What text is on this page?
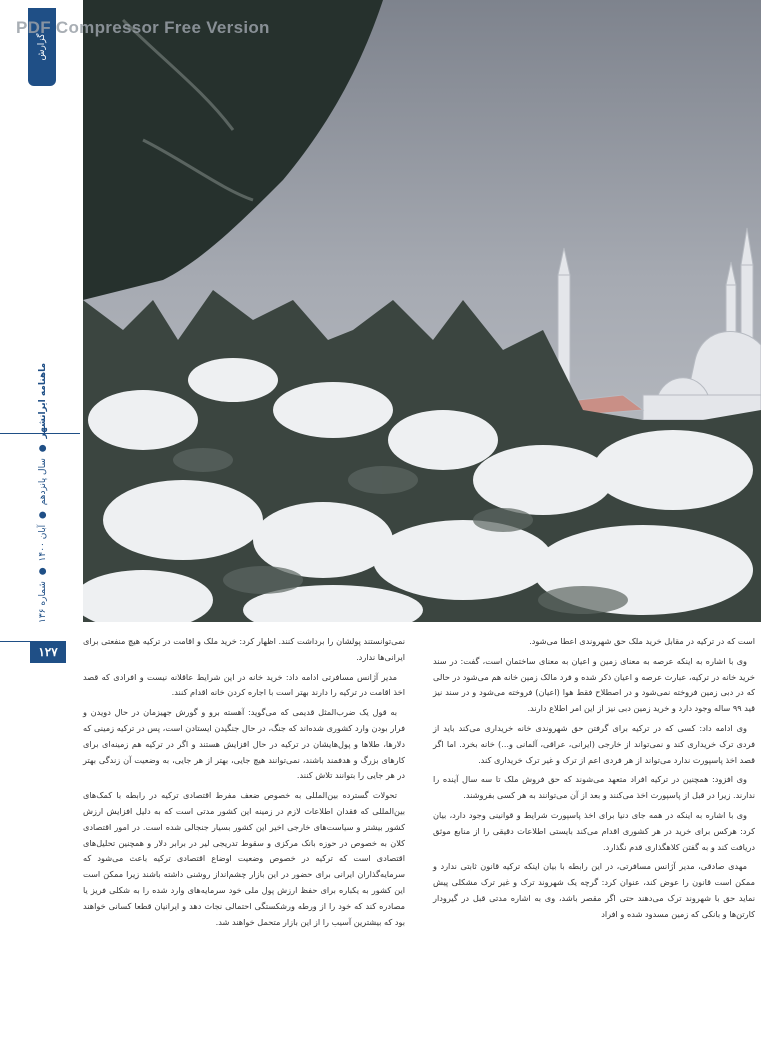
PDF Compressor Free Version
گزارش
ماهنامه ایرانشهر ● سال پانزدهم ● آبان ۱۴۰۰ ● شماره ۱۳۶
۱۲۷

است که در ترکیه در مقابل خرید ملک حق شهروندی اعطا می‌شود.

وی با اشاره به اینکه عرصه به معنای زمین و اعیان به معنای ساختمان است، گفت: در سند خرید خانه در ترکیه، عبارت عرصه و اعیان ذکر شده و فرد مالک زمین خانه هم می‌شود در حالی که در دبی زمین فروخته نمی‌شود و در اصطلاح فقط هوا (اعیان) فروخته می‌شود و در سند نیز قید ۹۹ ساله وجود دارد و خرید زمین دبی نیز از این امر اطلاع دارند.

وی ادامه داد: کسی که در ترکیه برای گرفتن حق شهروندی خانه خریداری می‌کند باید از فردی ترک خریداری کند و نمی‌تواند از خارجی (ایرانی، عراقی، آلمانی و...) خانه بخرد. اما اگر قصد اخذ پاسپورت ندارد می‌تواند از هر فردی اعم از ترک و غیر ترک خریداری کند.

وی افزود: همچنین در ترکیه افراد متعهد می‌شوند که حق فروش ملک تا سه سال آینده را ندارند. زیرا در قبل از پاسپورت اخذ می‌کنند و بعد از آن می‌توانند به هر کسی بفروشند.

وی با اشاره به اینکه در همه جای دنیا برای اخذ پاسپورت شرایط و قوانینی وجود دارد، بیان کرد: هرکس برای خرید در هر کشوری اقدام می‌کند بایستی اطلاعات دقیقی را از منابع موثق دریافت کند و به گفتن کلاهگذاری قدم نگذارد.

مهدی صادقی، مدیر آژانس مسافرتی، در این رابطه با بیان اینکه ترکیه قانون ثابتی ندارد و ممکن است قانون را عوض کند، عنوان کرد: گرچه یک شهروند ترک و غیر ترک مشکلی پیش نماید حق با شهروند ترک می‌دهند حتی اگر مقصر باشد، وی به اشاره مدتی قبل در گیرودار کارتن‌ها و بانکی که زمین مسدود شده و افراد

نمی‌توانستند پولشان را برداشت کنند. اظهار کرد: خرید ملک و اقامت در ترکیه هیچ منفعتی برای ایرانی‌ها ندارد.

مدیر آژانس مسافرتی ادامه داد: خرید خانه در این شرایط عاقلانه نیست و افرادی که قصد اخذ اقامت در ترکیه را دارند بهتر است با اجاره کردن خانه اقدام کنند.

به قول یک ضرب‌المثل قدیمی که می‌گوید: آهسته برو و گورش جهیزمان در حال دویدن و فرار بودن وارد کشوری شده‌اند که جنگ، در حال جنگیدن ایستادن است، پس در ترکیه زمینی که دلارها، طلاها و پول‌هایشان در ترکیه در حال افزایش هستند و اگر در ترکیه هم زمینه‌ای برای کارهای بزرگ و هدفمند باشند، نمی‌توانند هیچ جایی، بهتر از هر جایی، به وضعیت آن زندگی بهتر در هر جایی را بتوانند تلاش کنند.

تحولات گسترده بین‌المللی به خصوص ضعف مفرط اقتصادی ترکیه در رابطه با کمک‌های بین‌المللی که فقدان اطلاعات لازم در زمینه این کشور مدتی است که به دلیل افزایش ارزش کشور بیشتر و سیاست‌های خارجی اخیر این کشور بسیار جنجالی شده است. در امور اقتصادی کلان به خصوص در حوزه بانک مرکزی و سقوط تدریجی لیر در برابر دلار و همچنین تحلیل‌های اقتصادی است که ترکیه در خصوص وضعیت اوضاع اقتصادی ترکیه باعث می‌شود که سرمایه‌گذاران ایرانی برای حضور در این بازار چشم‌انداز روشنی داشته باشند زیرا ممکن است این کشور به یکباره برای حفظ ارزش پول ملی خود سرمایه‌های وارد شده را به شکلی فریز یا مصادره کند که خود را از ورطه ورشکستگی احتمالی نجات دهد و ایرانیان قطعا کسانی خواهند بود که بیشترین آسیب را از این بازار متحمل خواهند شد.
